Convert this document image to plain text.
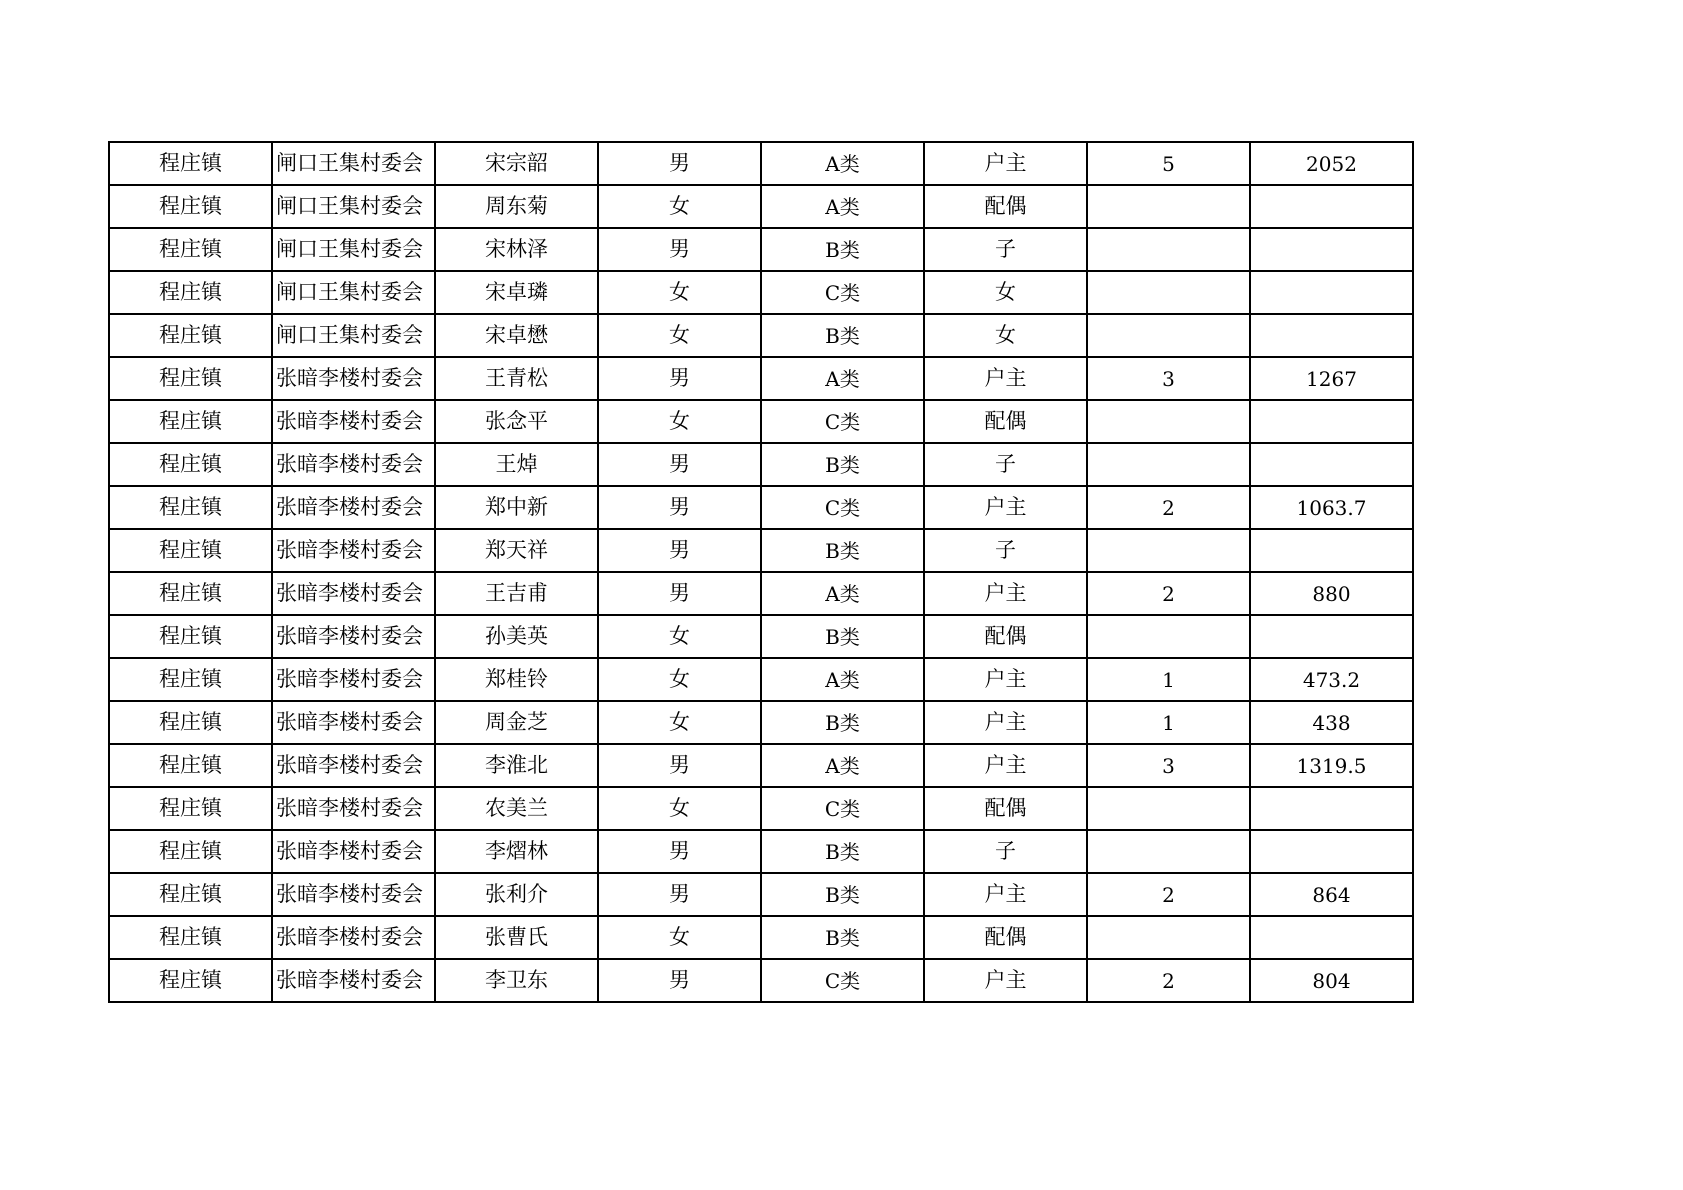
程庄镇	闸口王集村委会	宋宗韶	男	A类	户主	5	2052
程庄镇	闸口王集村委会	周东菊	女	A类	配偶		
程庄镇	闸口王集村委会	宋林泽	男	B类	子		
程庄镇	闸口王集村委会	宋卓璘	女	C类	女		
程庄镇	闸口王集村委会	宋卓懋	女	B类	女		
程庄镇	张暗李楼村委会	王青松	男	A类	户主	3	1267
程庄镇	张暗李楼村委会	张念平	女	C类	配偶		
程庄镇	张暗李楼村委会	王焯	男	B类	子		
程庄镇	张暗李楼村委会	郑中新	男	C类	户主	2	1063.7
程庄镇	张暗李楼村委会	郑天祥	男	B类	子		
程庄镇	张暗李楼村委会	王吉甫	男	A类	户主	2	880
程庄镇	张暗李楼村委会	孙美英	女	B类	配偶		
程庄镇	张暗李楼村委会	郑桂铃	女	A类	户主	1	473.2
程庄镇	张暗李楼村委会	周金芝	女	B类	户主	1	438
程庄镇	张暗李楼村委会	李淮北	男	A类	户主	3	1319.5
程庄镇	张暗李楼村委会	农美兰	女	C类	配偶		
程庄镇	张暗李楼村委会	李熠林	男	B类	子		
程庄镇	张暗李楼村委会	张利介	男	B类	户主	2	864
程庄镇	张暗李楼村委会	张曹氏	女	B类	配偶		
程庄镇	张暗李楼村委会	李卫东	男	C类	户主	2	804
